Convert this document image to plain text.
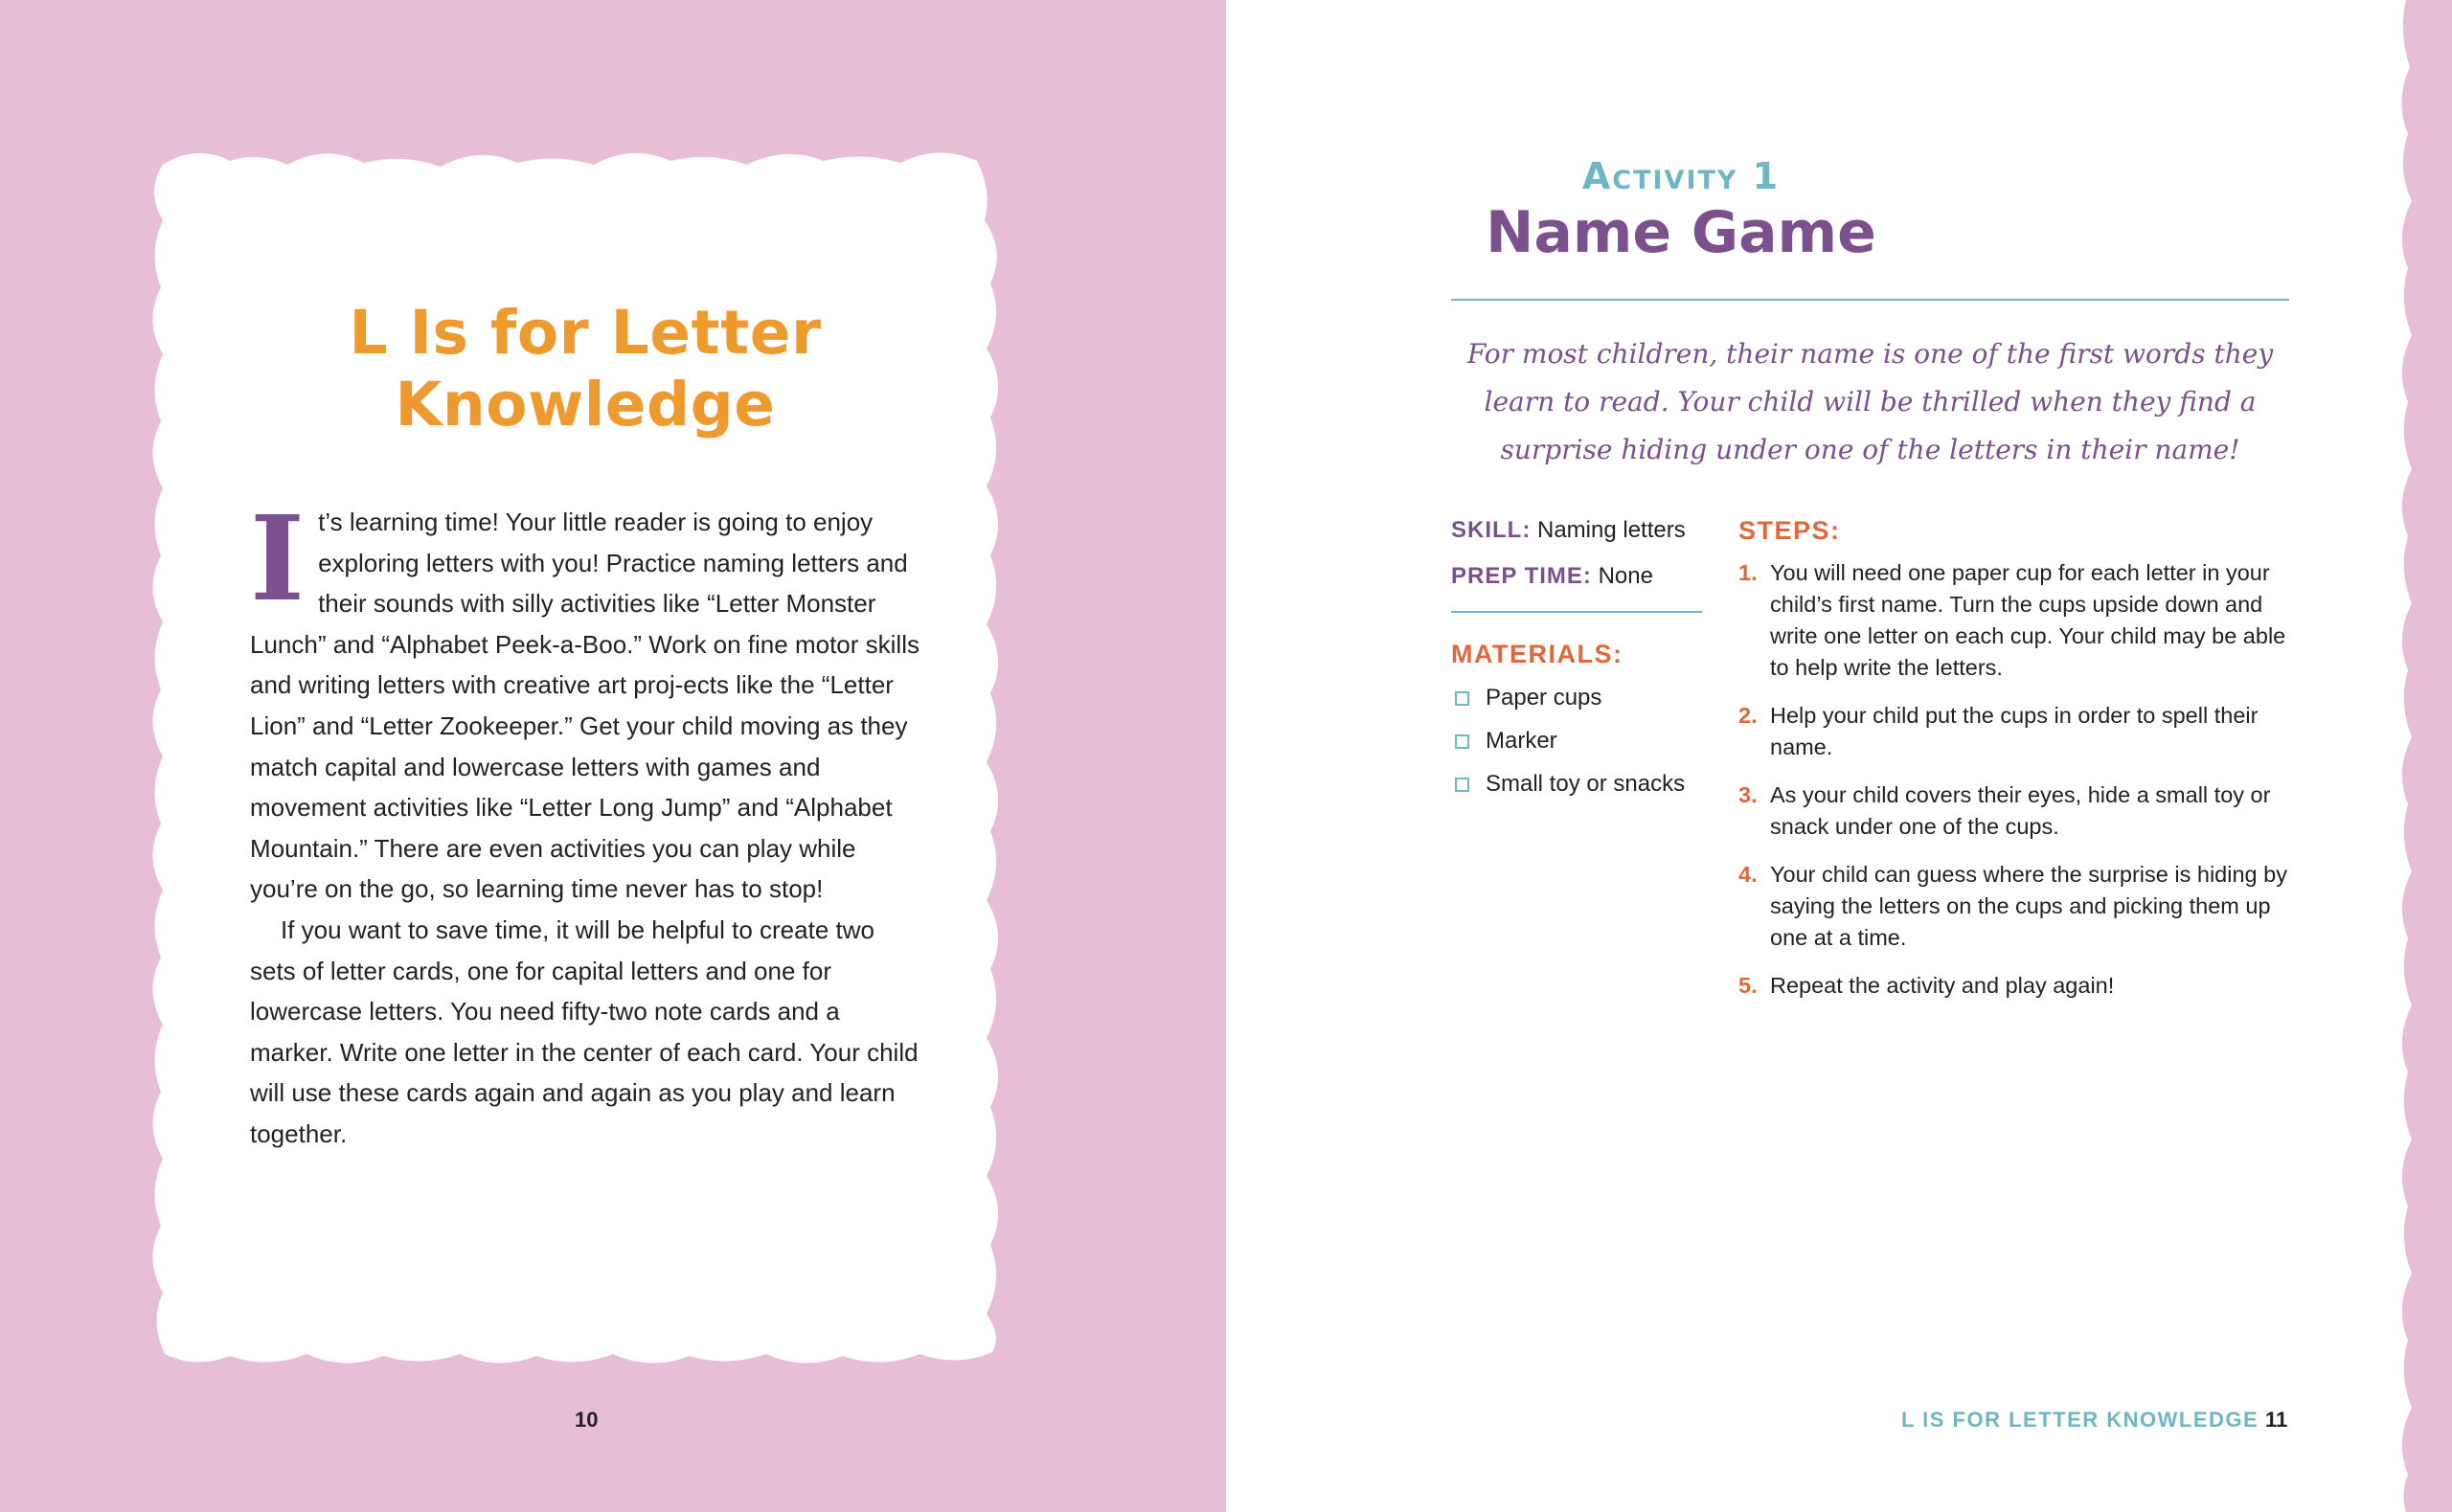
L Is for Letter
Knowledge

It’s learning time! Your little reader is going to enjoy exploring letters with you! Practice naming letters and their sounds with silly activities like “Letter Monster Lunch” and “Alphabet Peek-a-Boo.” Work on fine motor skills and writing letters with creative art proj-ects like the “Letter Lion” and “Letter Zookeeper.” Get your child moving as they match capital and lowercase letters with games and movement activities like “Letter Long Jump” and “Alphabet Mountain.” There are even activities you can play while you’re on the go, so learning time never has to stop!

If you want to save time, it will be helpful to create two sets of letter cards, one for capital letters and one for lowercase letters. You need fifty-two note cards and a marker. Write one letter in the center of each card. Your child will use these cards again and again as you play and learn together.

10
Activity 1
Name Game
For most children, their name is one of the first words they learn to read. Your child will be thrilled when they find a surprise hiding under one of the letters in their name!
SKILL: Naming letters
PREP TIME: None
MATERIALS:
Paper cups
Marker
Small toy or snacks
STEPS:
1. You will need one paper cup for each letter in your child’s first name. Turn the cups upside down and write one letter on each cup. Your child may be able to help write the letters.
2. Help your child put the cups in order to spell their name.
3. As your child covers their eyes, hide a small toy or snack under one of the cups.
4. Your child can guess where the surprise is hiding by saying the letters on the cups and picking them up one at a time.
5. Repeat the activity and play again!
L IS FOR LETTER KNOWLEDGE 11
